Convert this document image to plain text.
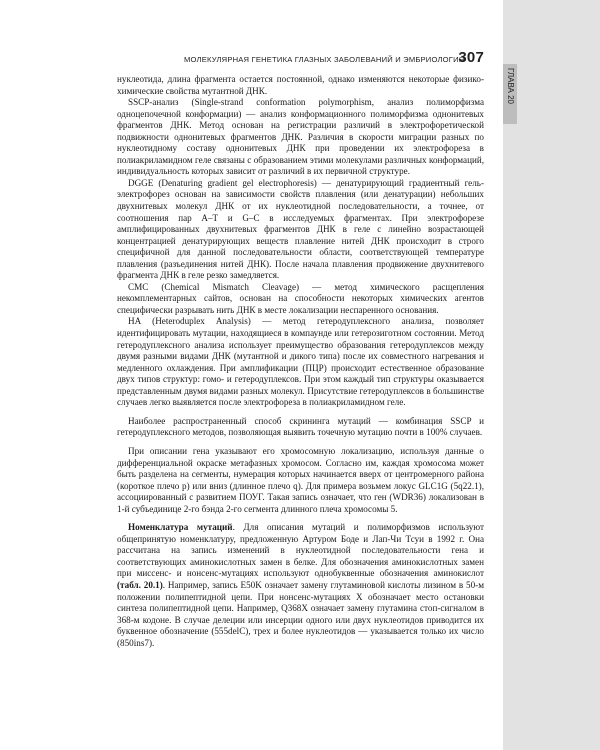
ГЛАВА 20
МОЛЕКУЛЯРНАЯ ГЕНЕТИКА ГЛАЗНЫХ ЗАБОЛЕВАНИЙ И ЭМБРИОЛОГИЯ
307

нуклеотида, длина фрагмента остается постоянной, однако изменяются некоторые физико-химические свойства мутантной ДНК.

SSCP-анализ (Single-strand conformation polymorphism, анализ полиморфизма одноцепочечной конформации) — анализ конформационного полиморфизма однонитевых фрагментов ДНК. Метод основан на регистрации различий в электрофоретической подвижности однонитевых фрагментов ДНК. Различия в скорости миграции разных по нуклеотидному составу однонитевых ДНК при проведении их электрофореза в полиакриламидном геле связаны с образованием этими молекулами различных конформаций, индивидуальность которых зависит от различий в их первичной структуре.

DGGE (Denaturing gradient gel electrophoresis) — денатурирующий градиентный гель-электрофорез основан на зависимости свойств плавления (или денатурации) небольших двухнитевых молекул ДНК от их нуклеотидной последовательности, а точнее, от соотношения пар А–Т и G–С в исследуемых фрагментах. При электрофорезе амплифицированных двухнитевых фрагментов ДНК в геле с линейно возрастающей концентрацией денатурирующих веществ плавление нитей ДНК происходит в строго специфичной для данной последовательности области, соответствующей температуре плавления (разъединения нитей ДНК). После начала плавления продвижение двухнитевого фрагмента ДНК в геле резко замедляется.

CMC (Chemical Mismatch Cleavage) — метод химического расщепления некомплементарных сайтов, основан на способности некоторых химических агентов специфически разрывать нить ДНК в месте локализации неспаренного основания.

HA (Heteroduplex Analysis) — метод гетеродуплексного анализа, позволяет идентифицировать мутации, находящиеся в компаунде или гетерозиготном состоянии. Метод гетеродуплексного анализа использует преимущество образования гетеродуплексов между двумя разными видами ДНК (мутантной и дикого типа) после их совместного нагревания и медленного охлаждения. При амплификации (ПЦР) происходит естественное образование двух типов структур: гомо- и гетеродуплексов. При этом каждый тип структуры оказывается представленным двумя видами разных молекул. Присутствие гетеродуплексов в большинстве случаев легко выявляется после электрофореза в полиакриламидном геле.

Наиболее распространенный способ скрининга мутаций — комбинация SSCP и гетеродуплексного методов, позволяющая выявить точечную мутацию почти в 100% случаев.

При описании гена указывают его хромосомную локализацию, используя данные о дифференциальной окраске метафазных хромосом. Согласно им, каждая хромосома может быть разделена на сегменты, нумерация которых начинается вверх от центромерного района (короткое плечо p) или вниз (длинное плечо q). Для примера возьмем локус GLC1G (5q22.1), ассоциированный с развитием ПОУГ. Такая запись означает, что ген (WDR36) локализован в 1-й субъединице 2-го бэнда 2-го сегмента длинного плеча хромосомы 5.

Номенклатура мутаций. Для описания мутаций и полиморфизмов используют общепринятую номенклатуру, предложенную Артуром Боде и Лап-Чи Тсуи в 1992 г. Она рассчитана на запись изменений в нуклеотидной последовательности гена и соответствующих аминокислотных замен в белке. Для обозначения аминокислотных замен при миссенс- и нонсенс-мутациях используют однобуквенные обозначения аминокислот (табл. 20.1). Например, запись E50K означает замену глутаминовой кислоты лизином в 50-м положении полипептидной цепи. При нонсенс-мутациях X обозначает место остановки синтеза полипептидной цепи. Например, Q368X означает замену глутамина стоп-сигналом в 368-м кодоне. В случае делеции или инсерции одного или двух нуклеотидов приводится их буквенное обозначение (555delC), трех и более нуклеотидов — указывается только их число (850ins7).
